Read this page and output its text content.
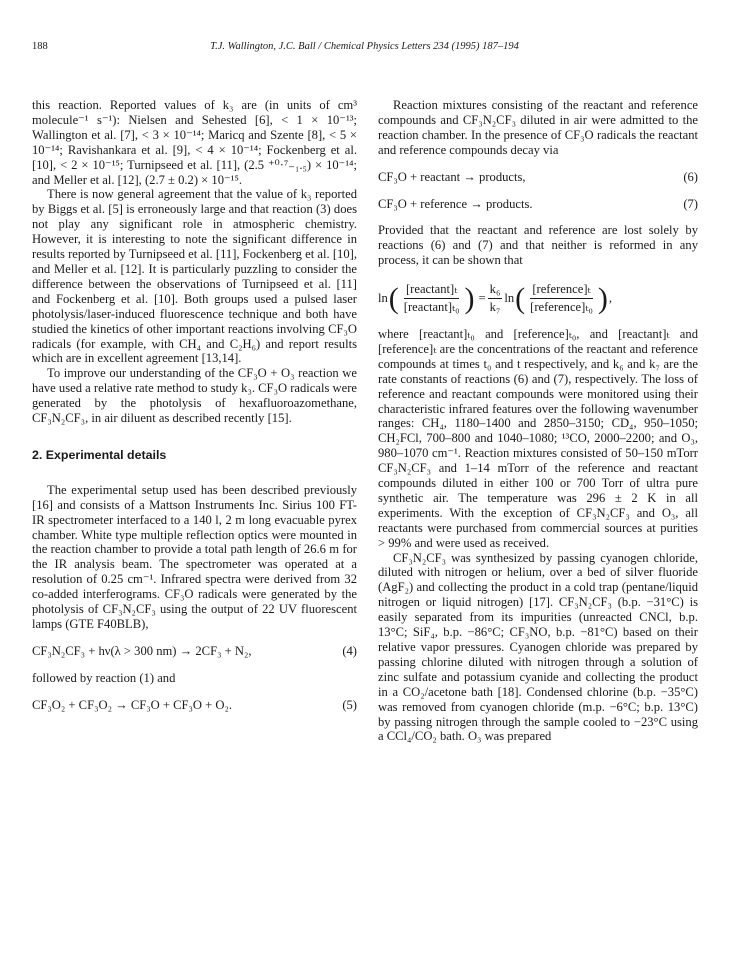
188	T.J. Wallington, J.C. Ball / Chemical Physics Letters 234 (1995) 187–194

this reaction. Reported values of k₃ are (in units of cm³ molecule⁻¹ s⁻¹): Nielsen and Sehested [6], < 1 × 10⁻¹³; Wallington et al. [7], < 3 × 10⁻¹⁴; Maricq and Szente [8], < 5 × 10⁻¹⁴; Ravishankara et al. [9], < 4 × 10⁻¹⁴; Fockenberg et al. [10], < 2 × 10⁻¹⁵; Turnipseed et al. [11], (2.5 ⁺⁰·⁷₋₁.₅) × 10⁻¹⁴; and Meller et al. [12], (2.7 ± 0.2) × 10⁻¹⁵.

There is now general agreement that the value of k₃ reported by Biggs et al. [5] is erroneously large and that reaction (3) does not play any significant role in atmospheric chemistry. However, it is interesting to note the significant difference in results reported by Turnipseed et al. [11], Fockenberg et al. [10], and Meller et al. [12]. It is particularly puzzling to consider the difference between the observations of Turnipseed et al. [11] and Fockenberg et al. [10]. Both groups used a pulsed laser photolysis/laser-induced fluorescence technique and both have studied the kinetics of other important reactions involving CF₃O radicals (for example, with CH₄ and C₂H₆) and report results which are in excellent agreement [13,14].

To improve our understanding of the CF₃O + O₃ reaction we have used a relative rate method to study k₃. CF₃O radicals were generated by the photolysis of hexafluoroazomethane, CF₃N₂CF₃, in air diluent as described recently [15].

2. Experimental details

The experimental setup used has been described previously [16] and consists of a Mattson Instruments Inc. Sirius 100 FT-IR spectrometer interfaced to a 140 l, 2 m long evacuable pyrex chamber. White type multiple reflection optics were mounted in the reaction chamber to provide a total path length of 26.6 m for the IR analysis beam. The spectrometer was operated at a resolution of 0.25 cm⁻¹. Infrared spectra were derived from 32 co-added interferograms. CF₃O radicals were generated by the photolysis of CF₃N₂CF₃ using the output of 22 UV fluorescent lamps (GTE F40BLB),

CF₃N₂CF₃ + hν(λ > 300 nm) → 2CF₃ + N₂,	(4)

followed by reaction (1) and

CF₃O₂ + CF₃O₂ → CF₃O + CF₃O + O₂.	(5)

Reaction mixtures consisting of the reactant and reference compounds and CF₃N₂CF₃ diluted in air were admitted to the reaction chamber. In the presence of CF₃O radicals the reactant and reference compounds decay via

CF₃O + reactant → products,	(6)
CF₃O + reference → products.	(7)

Provided that the reactant and reference are lost solely by reactions (6) and (7) and that neither is reformed in any process, it can be shown that

ln ( $\frac{\text{[reactant]ₜ}}{\text{[reactant]ₜ₀}}$ ) = $\frac{\text{k₆}}{\text{k₇}}$ ln ( $\frac{\text{[reference]ₜ}}{\text{[reference]ₜ₀}}$ ) ,

where [reactant]ₜ₀ and [reference]ₜ₀, and [reactant]ₜ and [reference]ₜ are the concentrations of the reactant and reference compounds at times t₀ and t respectively, and k₆ and k₇ are the rate constants of reactions (6) and (7), respectively. The loss of reference and reactant compounds were monitored using their characteristic infrared features over the following wavenumber ranges: CH₄, 1180–1400 and 2850–3150; CD₄, 950–1050; CH₂FCl, 700–800 and 1040–1080; ¹³CO, 2000–2200; and O₃, 980–1070 cm⁻¹. Reaction mixtures consisted of 50–150 mTorr CF₃N₂CF₃ and 1–14 mTorr of the reference and reactant compounds diluted in either 100 or 700 Torr of ultra pure synthetic air. The temperature was 296 ± 2 K in all experiments. With the exception of CF₃N₂CF₃ and O₃, all reactants were purchased from commercial sources at purities > 99% and were used as received.

CF₃N₂CF₃ was synthesized by passing cyanogen chloride, diluted with nitrogen or helium, over a bed of silver fluoride (AgF₂) and collecting the product in a cold trap (pentane/liquid nitrogen or liquid nitrogen) [17]. CF₃N₂CF₃ (b.p. −31°C) is easily separated from its impurities (unreacted CNCl, b.p. 13°C; SiF₄, b.p. −86°C; CF₃NO, b.p. −81°C) based on their relative vapor pressures. Cyanogen chloride was prepared by passing chlorine diluted with nitrogen through a solution of zinc sulfate and potassium cyanide and collecting the product in a CO₂/acetone bath [18]. Condensed chlorine (b.p. −35°C) was removed from cyanogen chloride (m.p. −6°C; b.p. 13°C) by passing nitrogen through the sample cooled to −23°C using a CCl₄/CO₂ bath. O₃ was prepared
